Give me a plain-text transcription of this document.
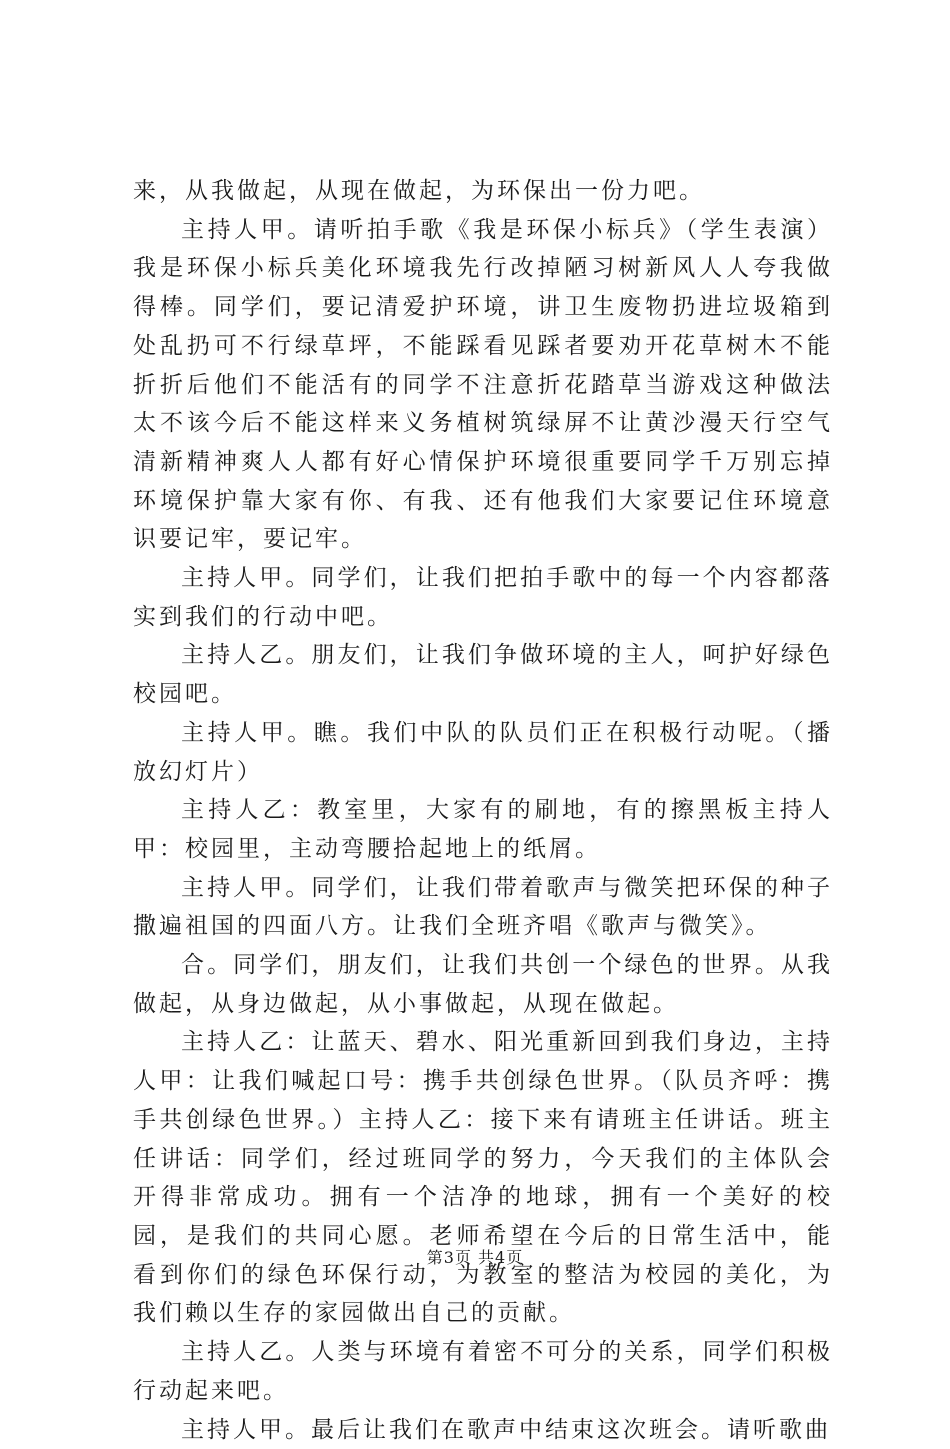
来，从我做起，从现在做起，为环保出一份力吧。

主持人甲。请听拍手歌《我是环保小标兵》（学生表演）我是环保小标兵美化环境我先行改掉陋习树新风人人夸我做得棒。同学们，要记清爱护环境，讲卫生废物扔进垃圾箱到处乱扔可不行绿草坪，不能踩看见踩者要劝开花草树木不能折折后他们不能活有的同学不注意折花踏草当游戏这种做法太不该今后不能这样来义务植树筑绿屏不让黄沙漫天行空气清新精神爽人人都有好心情保护环境很重要同学千万别忘掉环境保护靠大家有你、有我、还有他我们大家要记住环境意识要记牢，要记牢。

主持人甲。同学们，让我们把拍手歌中的每一个内容都落实到我们的行动中吧。

主持人乙。朋友们，让我们争做环境的主人，呵护好绿色校园吧。

主持人甲。瞧。我们中队的队员们正在积极行动呢。（播放幻灯片）

主持人乙：教室里，大家有的刷地，有的擦黑板主持人甲：校园里，主动弯腰拾起地上的纸屑。

主持人甲。同学们，让我们带着歌声与微笑把环保的种子撒遍祖国的四面八方。让我们全班齐唱《歌声与微笑》。

合。同学们，朋友们，让我们共创一个绿色的世界。从我做起，从身边做起，从小事做起，从现在做起。

主持人乙：让蓝天、碧水、阳光重新回到我们身边，主持人甲：让我们喊起口号：携手共创绿色世界。（队员齐呼：携手共创绿色世界。）主持人乙：接下来有请班主任讲话。班主任讲话：同学们，经过班同学的努力，今天我们的主体队会开得非常成功。拥有一个洁净的地球，拥有一个美好的校园，是我们的共同心愿。老师希望在今后的日常生活中，能看到你们的绿色环保行动，为教室的整洁为校园的美化，为我们赖以生存的家园做出自己的贡献。

主持人乙。人类与环境有着密不可分的关系，同学们积极行动起来吧。

主持人甲。最后让我们在歌声中结束这次班会。请听歌曲

第3页 共4页
